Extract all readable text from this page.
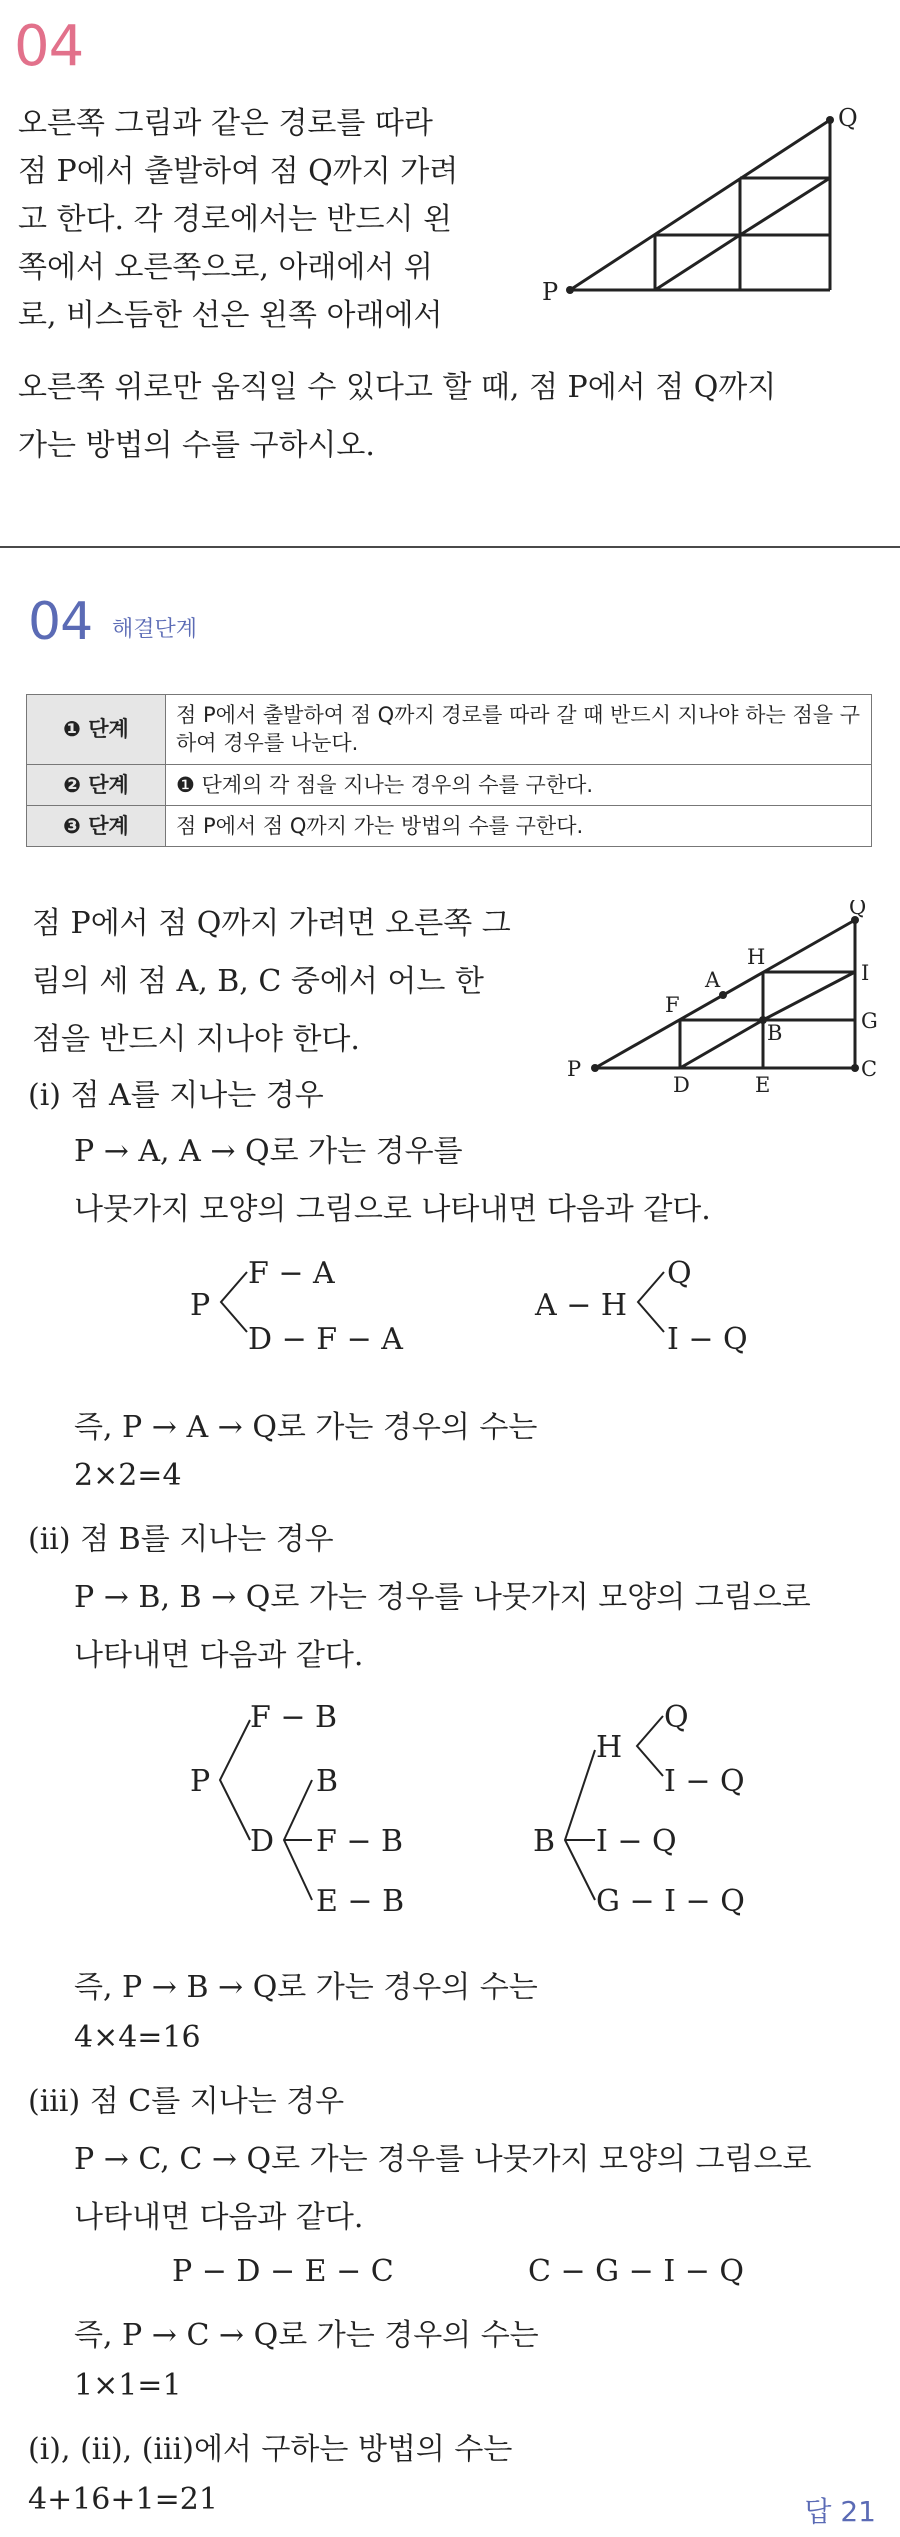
04
오른쪽 그림과 같은 경로를 따라
점 P에서 출발하여 점 Q까지 가려
고 한다. 각 경로에서는 반드시 왼
쪽에서 오른쪽으로, 아래에서 위
로, 비스듬한 선은 왼쪽 아래에서
오른쪽 위로만 움직일 수 있다고 할 때, 점 P에서 점 Q까지
가는 방법의 수를 구하시오.
P
Q
04 해결단계
❶ 단계	점 P에서 출발하여 점 Q까지 경로를 따라 갈 때 반드시 지나야 하는 점을 구하여 경우를 나눈다.
❷ 단계	❶ 단계의 각 점을 지나는 경우의 수를 구한다.
❸ 단계	점 P에서 점 Q까지 가는 방법의 수를 구한다.
점 P에서 점 Q까지 가려면 오른쪽 그
림의 세 점 A, B, C 중에서 어느 한
점을 반드시 지나야 한다.
Q
H
I
A
F
G
B
P
D	E
C
(i) 점 A를 지나는 경우
P → A, A → Q로 가는 경우를
나뭇가지 모양의 그림으로 나타내면 다음과 같다.
P
F − A
D − F − A
A − H
Q
I − Q
즉, P → A → Q로 가는 경우의 수는
2×2=4
(ii) 점 B를 지나는 경우
P → B, B → Q로 가는 경우를 나뭇가지 모양의 그림으로
나타내면 다음과 같다.
P
F − B
D
B
F − B
E − B
B
H
Q
I − Q
I − Q
G − I − Q
즉, P → B → Q로 가는 경우의 수는
4×4=16
(iii) 점 C를 지나는 경우
P → C, C → Q로 가는 경우를 나뭇가지 모양의 그림으로
나타내면 다음과 같다.
P − D − E − C	C − G − I − Q
즉, P → C → Q로 가는 경우의 수는
1×1=1
(i), (ii), (iii)에서 구하는 방법의 수는
4+16+1=21	답 21
